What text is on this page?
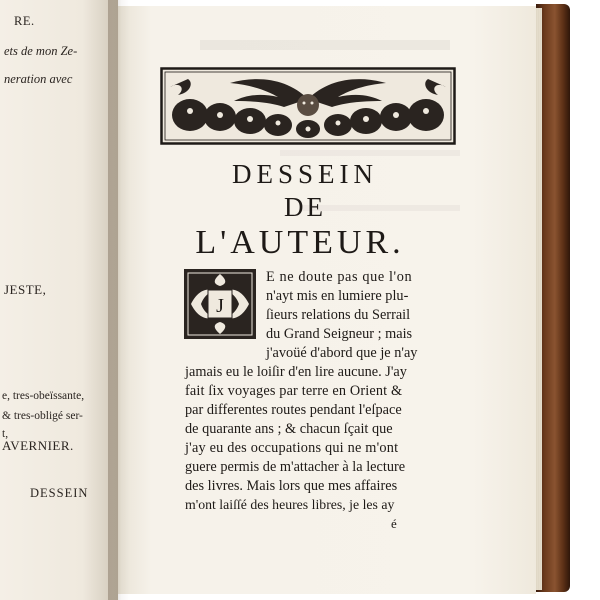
RE.
ets de mon Ze-
neration avec
JESTE,
e, tres-obeïssante,
& tres-obligé ser-
t,
AVERNIER.
DESSEIN
DESSEIN
DE
L'AUTEUR.
J
E ne doute pas que l'on
n'ayt mis en lumiere plu-
ſieurs relations du Serrail
du Grand Seigneur ; mais
j'avoüé d'abord que je n'ay
jamais eu le loiſir d'en lire aucune. J'ay
fait ſix voyages par terre en Orient &
par differentes routes pendant l'eſpace
de quarante ans ; & chacun ſçait que
j'ay eu des occupations qui ne m'ont
guere permis de m'attacher à la lecture
des livres. Mais lors que mes affaires
m'ont laiſſé des heures libres, je les ay
é
